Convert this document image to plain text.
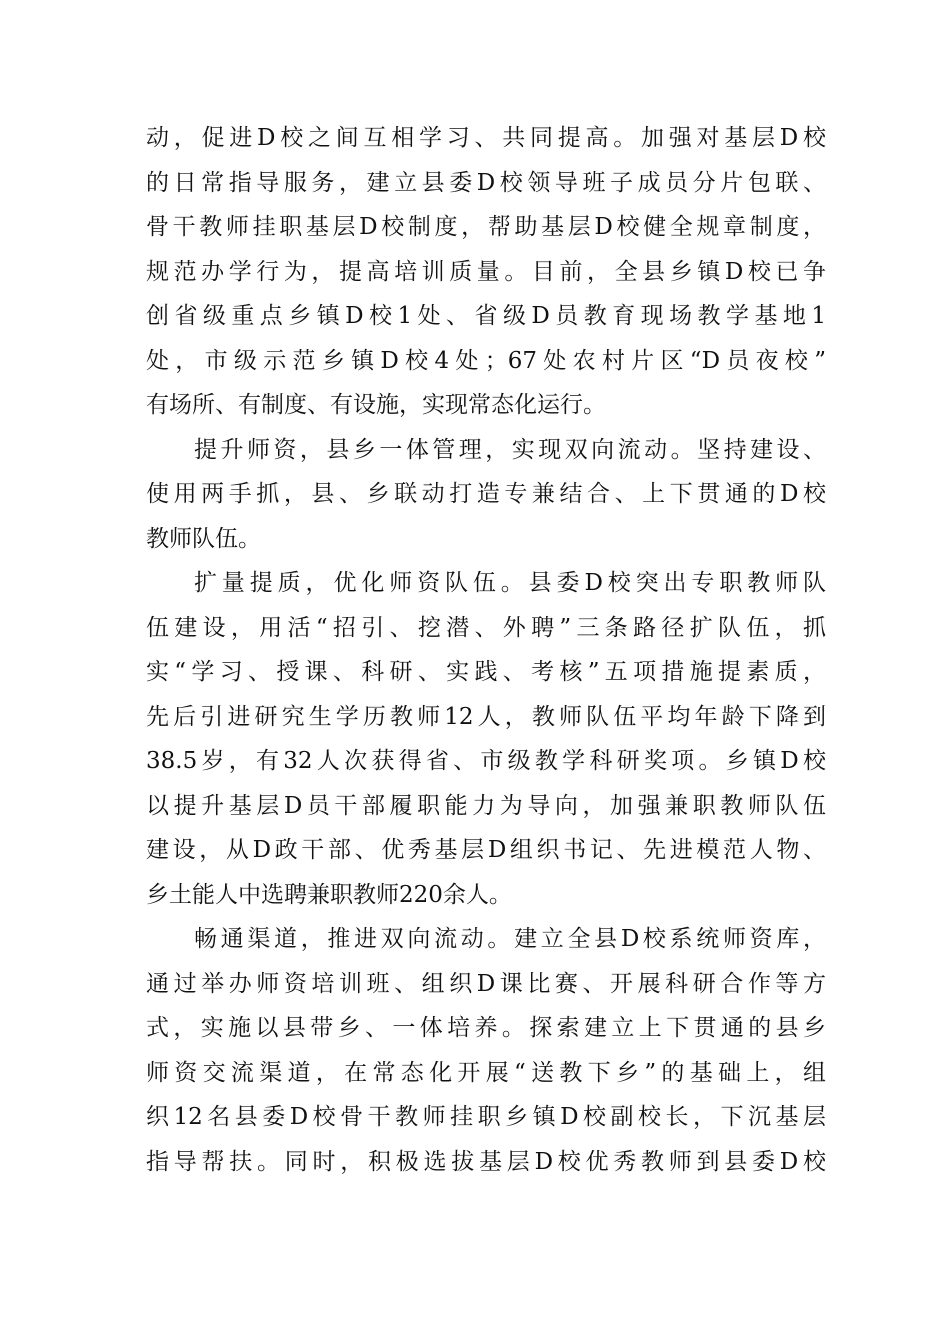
动，促进D校之间互相学习、共同提高。加强对基层D校
的日常指导服务，建立县委D校领导班子成员分片包联、
骨干教师挂职基层D校制度，帮助基层D校健全规章制度，
规范办学行为，提高培训质量。目前，全县乡镇D校已争
创省级重点乡镇D校1处、省级D员教育现场教学基地1
处，市级示范乡镇D校4处；67处农村片区“D员夜校”
有场所、有制度、有设施，实现常态化运行。
提升师资，县乡一体管理，实现双向流动。坚持建设、
使用两手抓，县、乡联动打造专兼结合、上下贯通的D校
教师队伍。
扩量提质，优化师资队伍。县委D校突出专职教师队
伍建设，用活“招引、挖潜、外聘”三条路径扩队伍，抓
实“学习、授课、科研、实践、考核”五项措施提素质，
先后引进研究生学历教师12人，教师队伍平均年龄下降到
38.5岁，有32人次获得省、市级教学科研奖项。乡镇D校
以提升基层D员干部履职能力为导向，加强兼职教师队伍
建设，从D政干部、优秀基层D组织书记、先进模范人物、
乡土能人中选聘兼职教师220余人。
畅通渠道，推进双向流动。建立全县D校系统师资库，
通过举办师资培训班、组织D课比赛、开展科研合作等方
式，实施以县带乡、一体培养。探索建立上下贯通的县乡
师资交流渠道，在常态化开展“送教下乡”的基础上，组
织12名县委D校骨干教师挂职乡镇D校副校长，下沉基层
指导帮扶。同时，积极选拔基层D校优秀教师到县委D校
